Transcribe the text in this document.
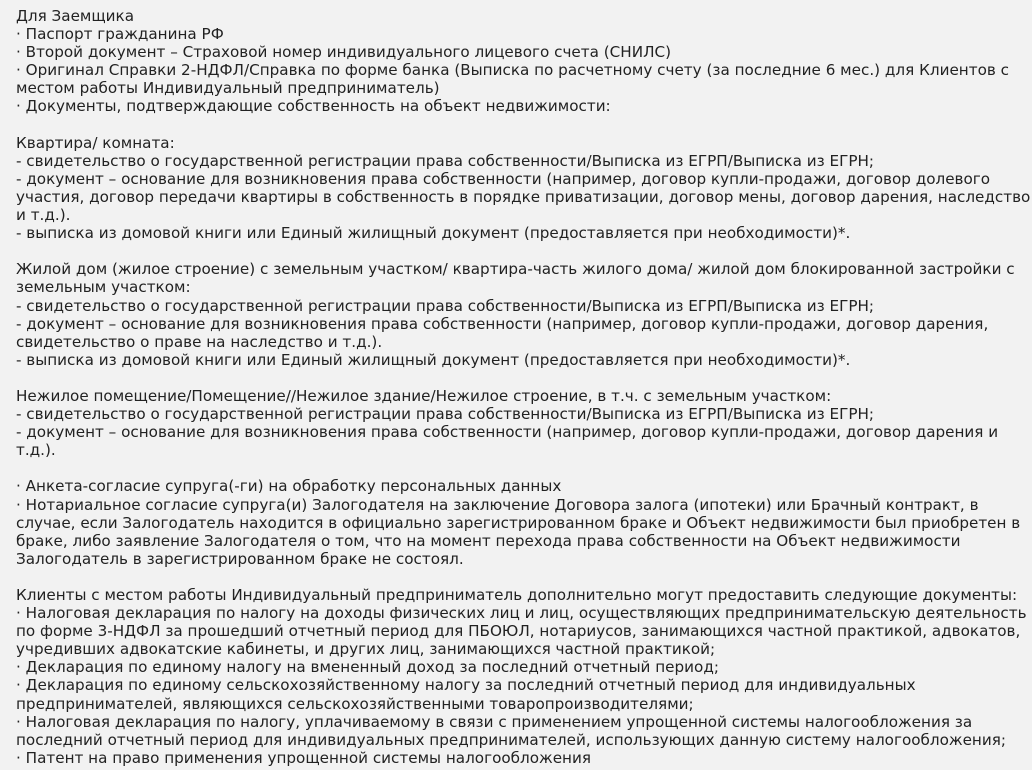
Для Заемщика
· Паспорт гражданина РФ
· Второй документ – Страховой номер индивидуального лицевого счета (СНИЛС)
· Оригинал Справки 2-НДФЛ/Справка по форме банка (Выписка по расчетному счету (за последние 6 мес.) для Клиентов с
местом работы Индивидуальный предприниматель)
· Документы, подтверждающие собственность на объект недвижимости:
Квартира/ комната:
- свидетельство о государственной регистрации права собственности/Выписка из ЕГРП/Выписка из ЕГРН;
- документ – основание для возникновения права собственности (например, договор купли-продажи, договор долевого
участия, договор передачи квартиры в собственность в порядке приватизации, договор мены, договор дарения, наследство
и т.д.).
- выписка из домовой книги или Единый жилищный документ (предоставляется при необходимости)*.
Жилой дом (жилое строение) с земельным участком/ квартира-часть жилого дома/ жилой дом блокированной застройки с
земельным участком:
- свидетельство о государственной регистрации права собственности/Выписка из ЕГРП/Выписка из ЕГРН;
- документ – основание для возникновения права собственности (например, договор купли-продажи, договор дарения,
свидетельство о праве на наследство и т.д.).
- выписка из домовой книги или Единый жилищный документ (предоставляется при необходимости)*.
Нежилое помещение/Помещение//Нежилое здание/Нежилое строение, в т.ч. с земельным участком:
- свидетельство о государственной регистрации права собственности/Выписка из ЕГРП/Выписка из ЕГРН;
- документ – основание для возникновения права собственности (например, договор купли-продажи, договор дарения и
т.д.).
· Анкета-согласие супруга(-ги) на обработку персональных данных
· Нотариальное согласие супруга(и) Залогодателя на заключение Договора залога (ипотеки) или Брачный контракт, в
случае, если Залогодатель находится в официально зарегистрированном браке и Объект недвижимости был приобретен в
браке, либо заявление Залогодателя о том, что на момент перехода права собственности на Объект недвижимости
Залогодатель в зарегистрированном браке не состоял.
Клиенты с местом работы Индивидуальный предприниматель дополнительно могут предоставить следующие документы:
· Налоговая декларация по налогу на доходы физических лиц и лиц, осуществляющих предпринимательскую деятельность
по форме 3-НДФЛ за прошедший отчетный период для ПБОЮЛ, нотариусов, занимающихся частной практикой, адвокатов,
учредивших адвокатские кабинеты, и других лиц, занимающихся частной практикой;
· Декларация по единому налогу на вмененный доход за последний отчетный период;
· Декларация по единому сельскохозяйственному налогу за последний отчетный период для индивидуальных
предпринимателей, являющихся сельскохозяйственными товаропроизводителями;
· Налоговая декларация по налогу, уплачиваемому в связи с применением упрощенной системы налогообложения за
последний отчетный период для индивидуальных предпринимателей, использующих данную систему налогообложения;
· Патент на право применения упрощенной системы налогообложения
